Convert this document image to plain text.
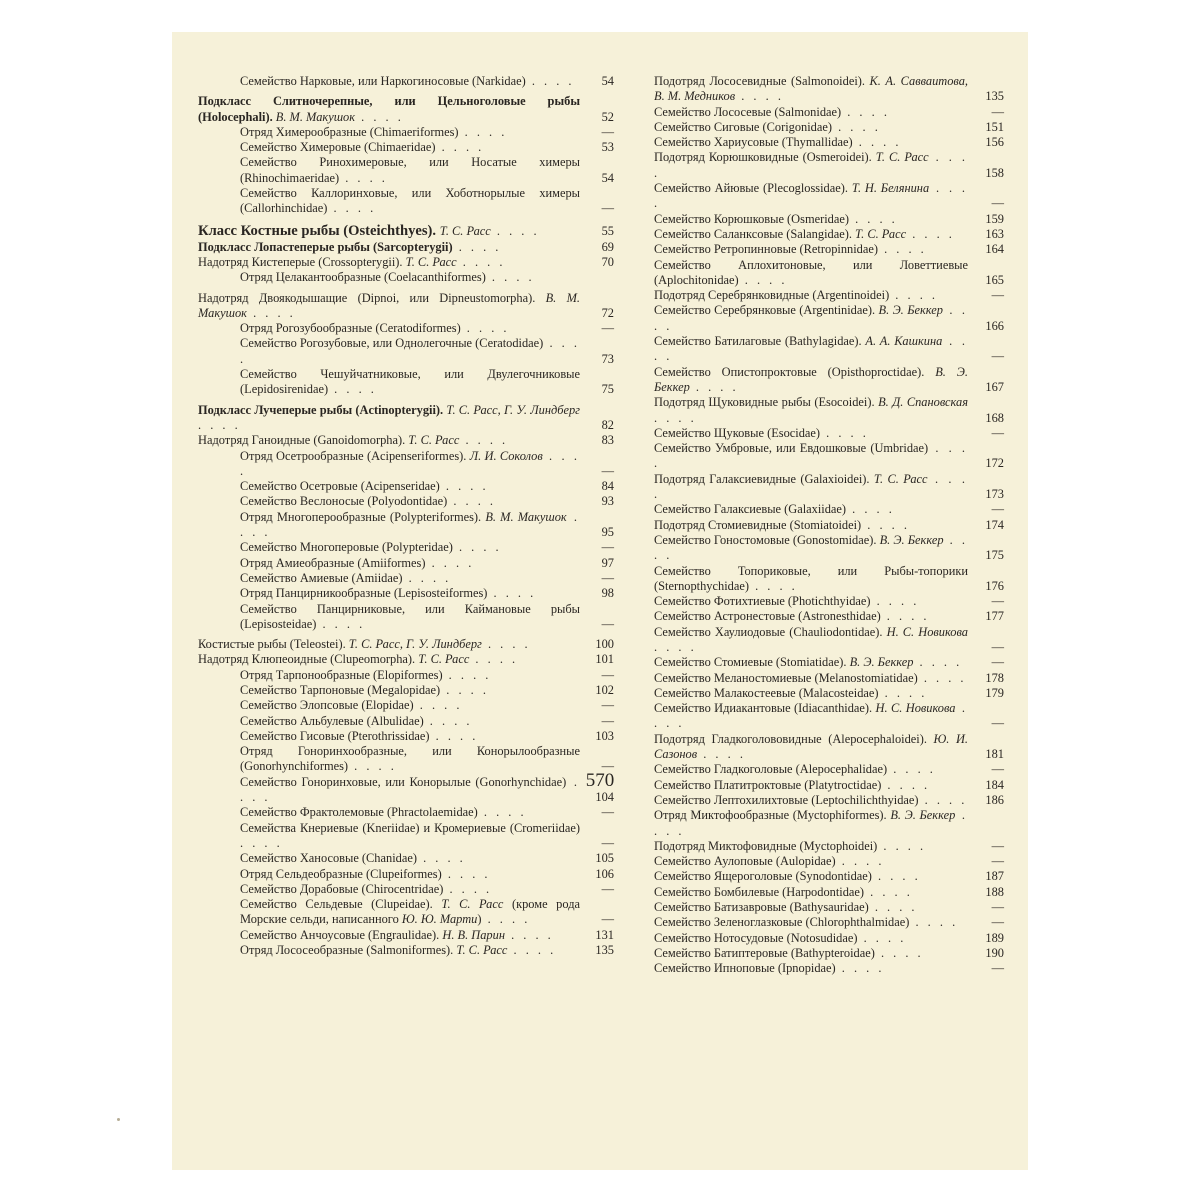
Семейство Нарковые, или Наркогиносовые (Narkidae) . . . .	54
Подкласс Слитночерепные, или Цельноголовые рыбы (Holocephali). В. М. Макушок . . . .	52
Отряд Химерообразные (Chimaeriformes) . . . .	—
Семейство Химеровые (Chimaeridae) . . . .	53
Семейство Ринохимеровые, или Носатые химеры (Rhinochimaeridae) . . . .	54
Семейство Каллоринховые, или Хоботнорылые химеры (Callorhinchidae) . . . .	—
Класс Костные рыбы (Osteichthyes). Т. С. Расс . . . .	55
Подкласс Лопастеперые рыбы (Sarcopterygii) . . . .	69
Надотряд Кистеперые (Crossopterygii). Т. С. Расс . . . .	70
Отряд Целакантообразные (Coelacanthiformes) . . . .
Надотряд Двоякодышащие (Dipnoi, или Dipneustomorpha). В. М. Макушок . . . .	72
Отряд Рогозубообразные (Ceratodiformes) . . . .	—
Семейство Рогозубовые, или Однолегочные (Ceratodidae) . . . .	73
Семейство Чешуйчатниковые, или Двулегочниковые (Lepidosirenidae) . . . .	75
Подкласс Лучеперые рыбы (Actinopterygii). Т. С. Расс, Г. У. Линдберг . . . .	82
Надотряд Ганоидные (Ganoidomorpha). Т. С. Расс . . . .	83
Отряд Осетрообразные (Acipenseriformes). Л. И. Соколов . . . .	—
Семейство Осетровые (Acipenseridae) . . . .	84
Семейство Веслоносые (Polyodontidae) . . . .	93
Отряд Многоперообразные (Polypteriformes). В. М. Макушок . . . .	95
Семейство Многоперовые (Polypteridae) . . . .	—
Отряд Амиеобразные (Amiiformes) . . . .	97
Семейство Амиевые (Amiidae) . . . .	—
Отряд Панцирникообразные (Lepisosteiformes) . . . .	98
Семейство Панцирниковые, или Каймановые рыбы (Lepisosteidae) . . . .	—
Костистые рыбы (Teleostei). Т. С. Расс, Г. У. Линдберг . . . .	100
Надотряд Клюпеоидные (Clupeomorpha). Т. С. Расс . . . .	101
Отряд Тарпонообразные (Elopiformes) . . . .	—
Семейство Тарпоновые (Megalopidae) . . . .	102
Семейство Элопсовые (Elopidae) . . . .	—
Семейство Альбулевые (Albulidae) . . . .	—
Семейство Гисовые (Pterothrissidae) . . . .	103
Отряд Гоноринхообразные, или Конорылообразные (Gonorhynchiformes) . . . .	—
Семейство Гоноринховые, или Конорылые (Gonorhynchidae) . . . .	104
Семейство Фрактолемовые (Phractolaemidae) . . . .	—
Семейства Кнериевые (Kneriidae) и Кромериевые (Cromeriidae) . . . .	—
Семейство Ханосовые (Chanidae) . . . .	105
Отряд Сельдеобразные (Clupeiformes) . . . .	106
Семейство Дорабовые (Chirocentridae) . . . .	—
Семейство Сельдевые (Clupeidae). Т. С. Расс (кроме рода Морские сельди, написанного Ю. Ю. Марти) . . . .	—
Семейство Анчоусовые (Engraulidae). Н. В. Парин . . . .	131
Отряд Лососеобразные (Salmoniformes). Т. С. Расс . . . .	135
Подотряд Лососевидные (Salmonoidei). К. А. Савваитова, В. М. Медников . . . .	135
Семейство Лососевые (Salmonidae) . . . .	—
Семейство Сиговые (Corigonidae) . . . .	151
Семейство Хариусовые (Thymallidae) . . . .	156
Подотряд Корюшковидные (Osmeroidei). Т. С. Расс . . . .	158
Семейство Айювые (Plecoglossidae). Т. Н. Белянина . . . .	—
Семейство Корюшковые (Osmeridae) . . . .	159
Семейство Саланксовые (Salangidae). Т. С. Расс . . . .	163
Семейство Ретропинновые (Retropinnidae) . . . .	164
Семейство Аплохитоновые, или Ловеттиевые (Aplochitonidae) . . . .	165
Подотряд Серебрянковидные (Argentinoidei) . . . .	—
Семейство Серебрянковые (Argentinidae). В. Э. Беккер . . . .	166
Семейство Батилаговые (Bathylagidae). А. А. Кашкина . . . .	—
Семейство Опистопроктовые (Opisthoproctidae). В. Э. Беккер . . . .	167
Подотряд Щуковидные рыбы (Esocoidei). В. Д. Спановская . . . .	168
Семейство Щуковые (Esocidae) . . . .	—
Семейство Умбровые, или Евдошковые (Umbridae) . . . .	172
Подотряд Галаксиевидные (Galaxioidei). Т. С. Расс . . . .	173
Семейство Галаксиевые (Galaxiidae) . . . .	—
Подотряд Стомиевидные (Stomiatoidei) . . . .	174
Семейство Гоностомовые (Gonostomidae). В. Э. Беккер . . . .	175
Семейство Топориковые, или Рыбы-топорики (Sternopthychidae) . . . .	176
Семейство Фотихтиевые (Photichthyidae) . . . .	—
Семейство Астронестовые (Astronesthidae) . . . .	177
Семейство Хаулиодовые (Chauliodontidae). Н. С. Новикова . . . .	—
Семейство Стомиевые (Stomiatidae). В. Э. Беккер . . . .	—
Семейство Меланостомиевые (Melanostomiatidae) . . . .	178
Семейство Малакостеевые (Malacosteidae) . . . .	179
Семейство Идиакантовые (Idiacanthidae). Н. С. Новикова . . . .	—
Подотряд Гладкоголововидные (Alepocephaloidei). Ю. И. Сазонов . . . .	181
Семейство Гладкоголовые (Alepocephalidae) . . . .	—
Семейство Платитроктовые (Platytroctidae) . . . .	184
Семейство Лептохилихтовые (Leptochilichthyidae) . . . .	186
Отряд Миктофообразные (Myctophiformes). В. Э. Беккер . . . .
Подотряд Миктофовидные (Myctophoidei) . . . .	—
Семейство Аулоповые (Aulopidae) . . . .	—
Семейство Ящероголовые (Synodontidae) . . . .	187
Семейство Бомбилевые (Harpodontidae) . . . .	188
Семейство Батизавровые (Bathysauridae) . . . .	—
Семейство Зеленоглазковые (Chlorophthalmidae) . . . .	—
Семейство Нотосудовые (Notosudidae) . . . .	189
Семейство Батиптеровые (Bathypteroidae) . . . .	190
Семейство Ипноповые (Ipnopidae) . . . .	—
570
